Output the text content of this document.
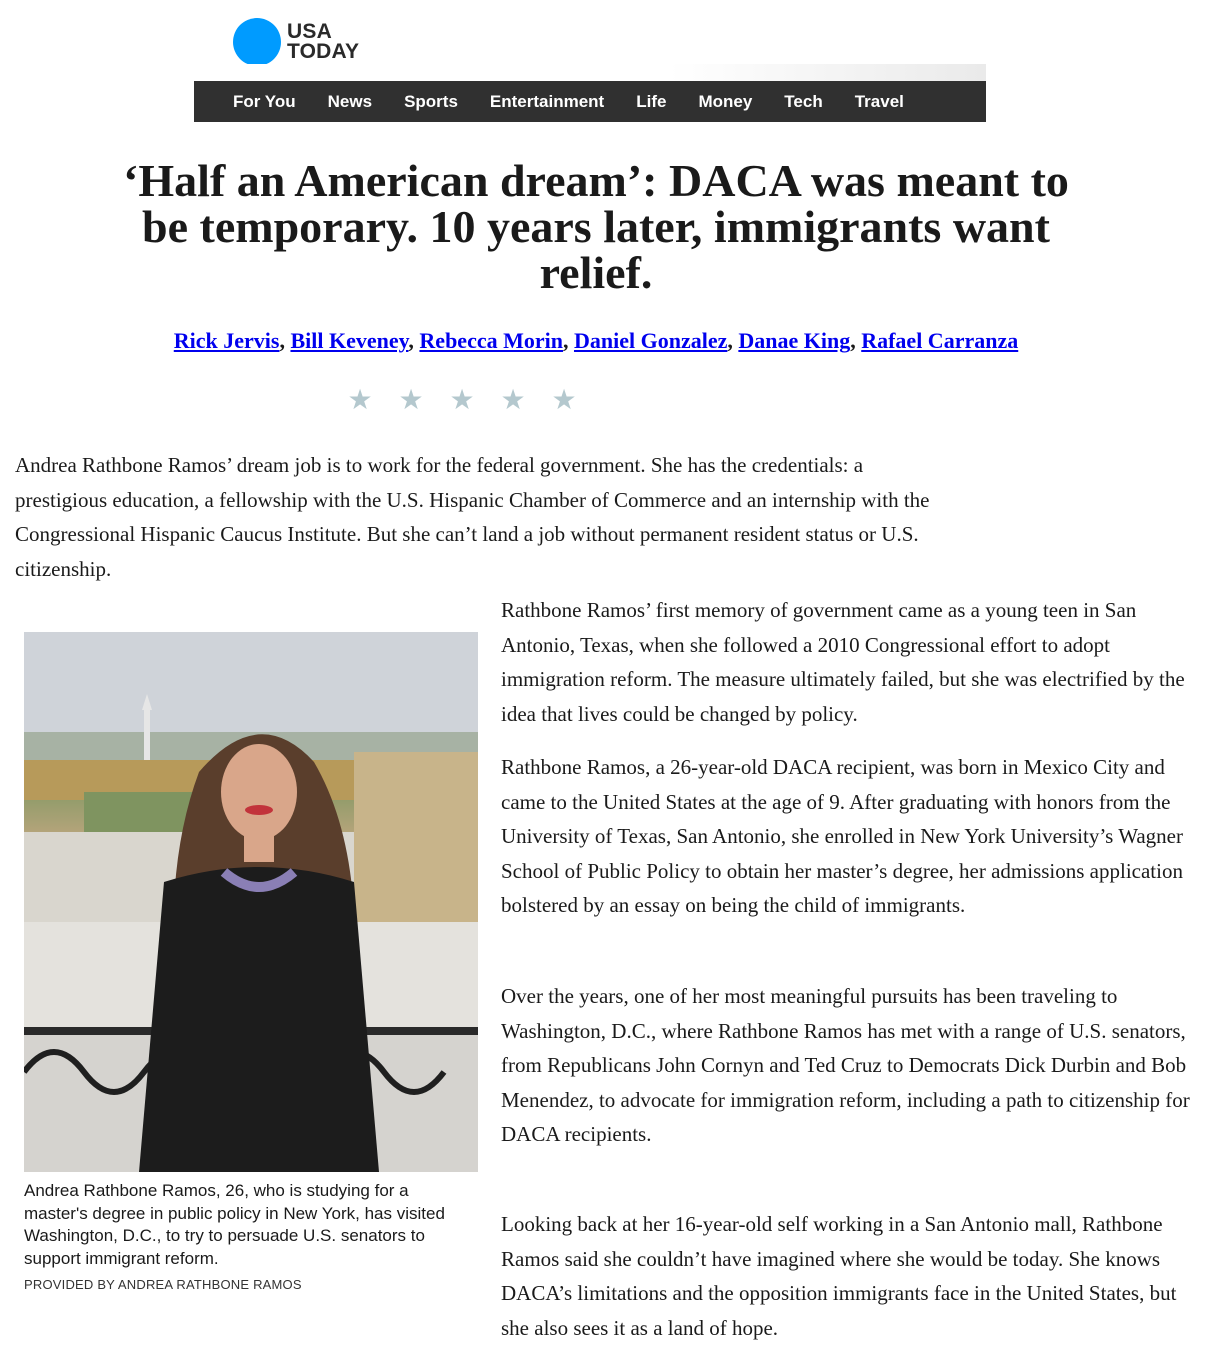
USA
TODAY
For You News Sports Entertainment Life Money Tech Travel
‘Half an American dream’: DACA was meant to be temporary. 10 years later, immigrants want relief.
Rick Jervis, Bill Keveney, Rebecca Morin, Daniel Gonzalez, Danae King, Rafael Carranza
★ ★ ★ ★ ★

Andrea Rathbone Ramos’ dream job is to work for the federal government. She has the credentials: a prestigious education, a fellowship with the U.S. Hispanic Chamber of Commerce and an internship with the Congressional Hispanic Caucus Institute. But she can’t land a job without permanent resident status or U.S. citizenship.

Andrea Rathbone Ramos, 26, who is studying for a master's degree in public policy in New York, has visited Washington, D.C., to try to persuade U.S. senators to support immigrant reform.

PROVIDED BY ANDREA RATHBONE RAMOS

Rathbone Ramos’ first memory of government came as a young teen in San Antonio, Texas, when she followed a 2010 Congressional effort to adopt immigration reform. The measure ultimately failed, but she was electrified by the idea that lives could be changed by policy.

Rathbone Ramos, a 26-year-old DACA recipient, was born in Mexico City and came to the United States at the age of 9. After graduating with honors from the University of Texas, San Antonio, she enrolled in New York University’s Wagner School of Public Policy to obtain her master’s degree, her admissions application bolstered by an essay on being the child of immigrants.

Over the years, one of her most meaningful pursuits has been traveling to Washington, D.C., where Rathbone Ramos has met with a range of U.S. senators, from Republicans John Cornyn and Ted Cruz to Democrats Dick Durbin and Bob Menendez, to advocate for immigration reform, including a path to citizenship for DACA recipients.

Looking back at her 16-year-old self working in a San Antonio mall, Rathbone Ramos said she couldn’t have imagined where she would be today. She knows DACA’s limitations and the opposition immigrants face in the United States, but she also sees it as a land of hope.
